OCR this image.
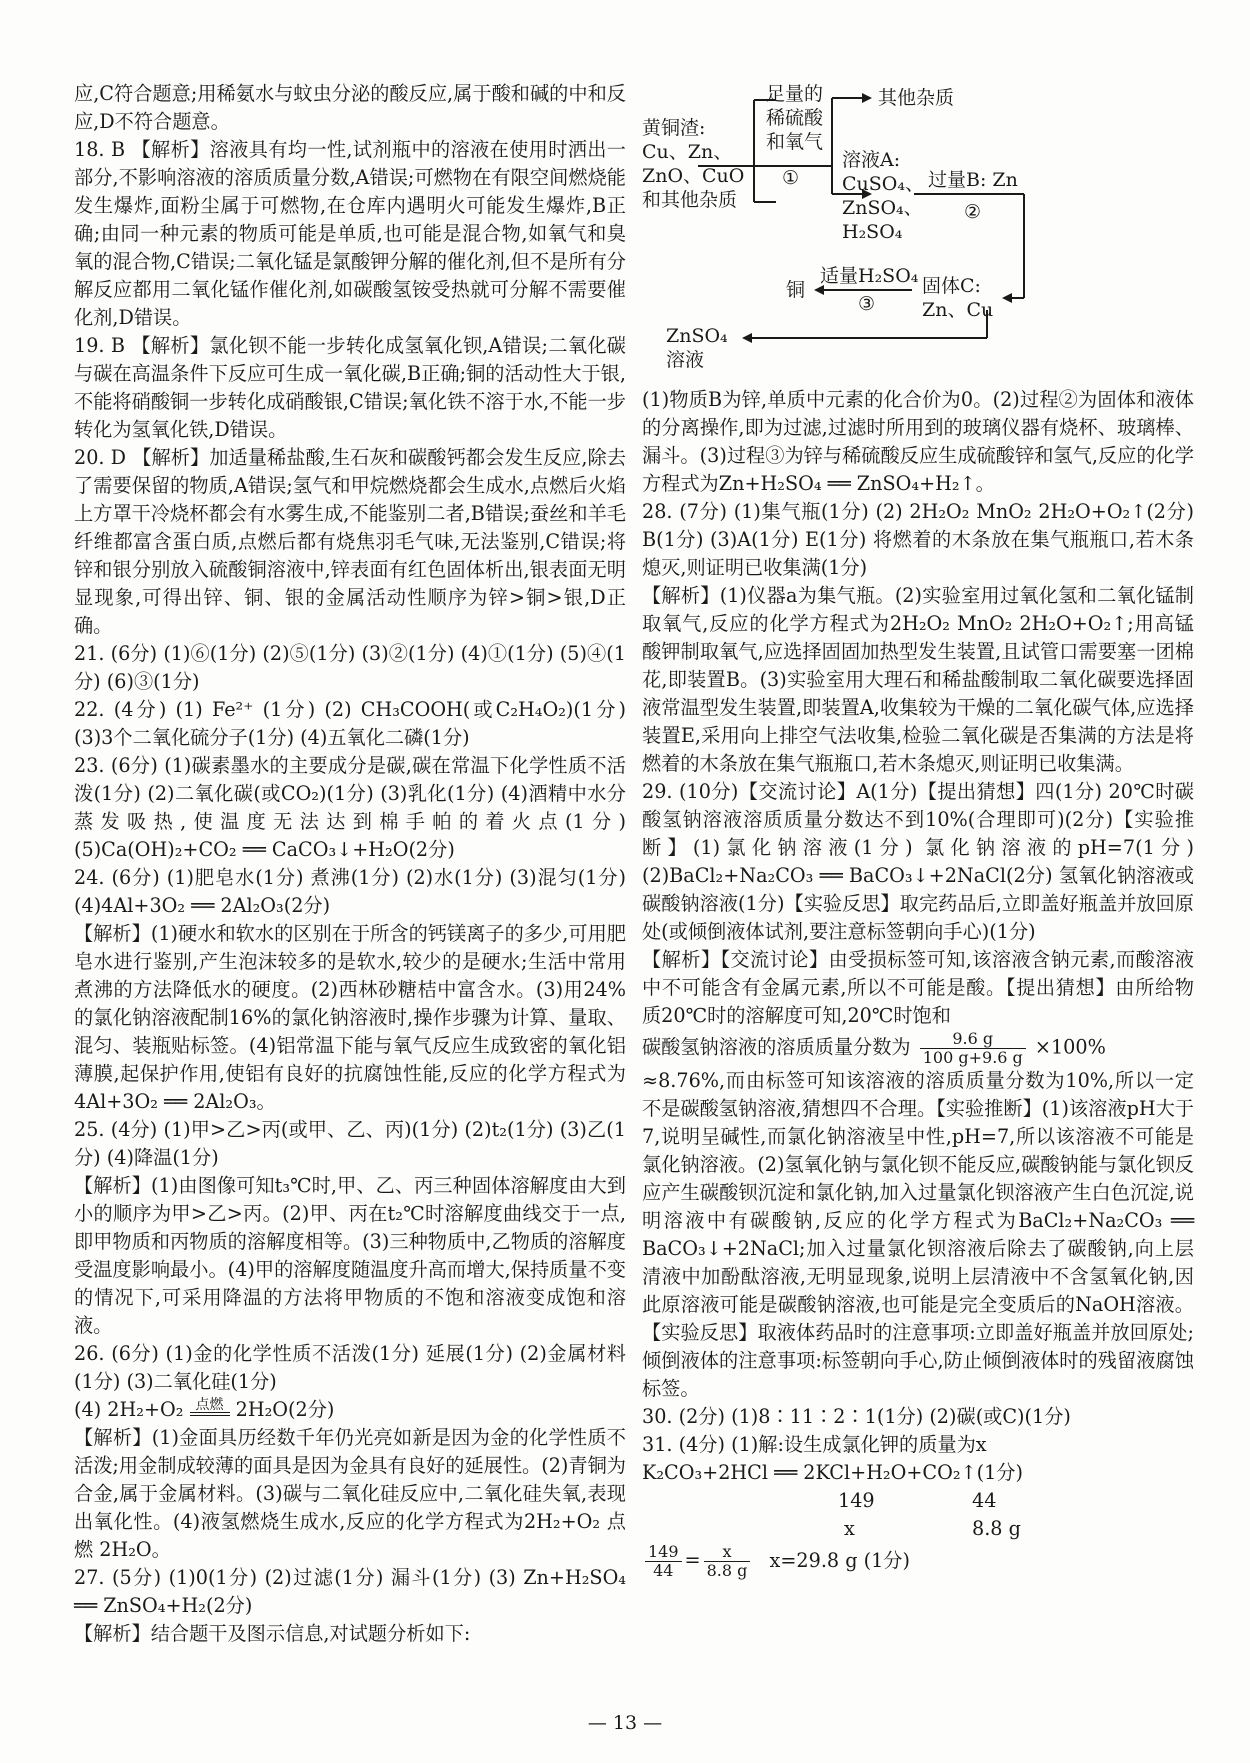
应,C符合题意;用稀氨水与蚊虫分泌的酸反应,属于酸和碱的中和反应,D不符合题意。

18. B 【解析】溶液具有均一性,试剂瓶中的溶液在使用时洒出一部分,不影响溶液的溶质质量分数,A错误;可燃物在有限空间燃烧能发生爆炸,面粉尘属于可燃物,在仓库内遇明火可能发生爆炸,B正确;由同一种元素的物质可能是单质,也可能是混合物,如氧气和臭氧的混合物,C错误;二氧化锰是氯酸钾分解的催化剂,但不是所有分解反应都用二氧化锰作催化剂,如碳酸氢铵受热就可分解不需要催化剂,D错误。

19. B 【解析】氯化钡不能一步转化成氢氧化钡,A错误;二氧化碳与碳在高温条件下反应可生成一氧化碳,B正确;铜的活动性大于银,不能将硝酸铜一步转化成硝酸银,C错误;氧化铁不溶于水,不能一步转化为氢氧化铁,D错误。

20. D 【解析】加适量稀盐酸,生石灰和碳酸钙都会发生反应,除去了需要保留的物质,A错误;氢气和甲烷燃烧都会生成水,点燃后火焰上方罩干冷烧杯都会有水雾生成,不能鉴别二者,B错误;蚕丝和羊毛纤维都富含蛋白质,点燃后都有烧焦羽毛气味,无法鉴别,C错误;将锌和银分别放入硫酸铜溶液中,锌表面有红色固体析出,银表面无明显现象,可得出锌、铜、银的金属活动性顺序为锌>铜>银,D正确。

21. (6分) (1)⑥(1分) (2)⑤(1分) (3)②(1分) (4)①(1分) (5)④(1分) (6)③(1分)

22. (4分) (1) Fe²⁺ (1分) (2) CH₃COOH(或C₂H₄O₂)(1分) (3)3个二氧化硫分子(1分) (4)五氧化二磷(1分)

23. (6分) (1)碳素墨水的主要成分是碳,碳在常温下化学性质不活泼(1分) (2)二氧化碳(或CO₂)(1分) (3)乳化(1分) (4)酒精中水分蒸发吸热,使温度无法达到棉手帕的着火点(1分) (5)Ca(OH)₂+CO₂ ══ CaCO₃↓+H₂O(2分)

24. (6分) (1)肥皂水(1分) 煮沸(1分) (2)水(1分) (3)混匀(1分) (4)4Al+3O₂ ══ 2Al₂O₃(2分)

【解析】(1)硬水和软水的区别在于所含的钙镁离子的多少,可用肥皂水进行鉴别,产生泡沫较多的是软水,较少的是硬水;生活中常用煮沸的方法降低水的硬度。(2)西林砂糖桔中富含水。(3)用24%的氯化钠溶液配制16%的氯化钠溶液时,操作步骤为计算、量取、混匀、装瓶贴标签。(4)铝常温下能与氧气反应生成致密的氧化铝薄膜,起保护作用,使铝有良好的抗腐蚀性能,反应的化学方程式为4Al+3O₂ ══ 2Al₂O₃。

25. (4分) (1)甲>乙>丙(或甲、乙、丙)(1分) (2)t₂(1分) (3)乙(1分) (4)降温(1分)

【解析】(1)由图像可知t₃℃时,甲、乙、丙三种固体溶解度由大到小的顺序为甲>乙>丙。(2)甲、丙在t₂℃时溶解度曲线交于一点,即甲物质和丙物质的溶解度相等。(3)三种物质中,乙物质的溶解度受温度影响最小。(4)甲的溶解度随温度升高而增大,保持质量不变的情况下,可采用降温的方法将甲物质的不饱和溶液变成饱和溶液。

26. (6分) (1)金的化学性质不活泼(1分) 延展(1分) (2)金属材料(1分) (3)二氧化硅(1分)

(4) 2H₂+O₂ 点燃 2H₂O(2分)

【解析】(1)金面具历经数千年仍光亮如新是因为金的化学性质不活泼;用金制成较薄的面具是因为金具有良好的延展性。(2)青铜为合金,属于金属材料。(3)碳与二氧化硅反应中,二氧化硅失氧,表现出氧化性。(4)液氢燃烧生成水,反应的化学方程式为2H₂+O₂ 点燃 2H₂O。

27. (5分) (1)0(1分) (2)过滤(1分) 漏斗(1分) (3) Zn+H₂SO₄ ══ ZnSO₄+H₂(2分)

【解析】结合题干及图示信息,对试题分析如下:

黄铜渣:
Cu、Zn、
ZnO、CuO
和其他杂质
足量的
稀硫酸
和氧气
①
其他杂质
溶液A:
CuSO₄、
ZnSO₄、
H₂SO₄
过量B: Zn
②
固体C:
Zn、Cu
适量H₂SO₄
③
铜
ZnSO₄
溶液

(1)物质B为锌,单质中元素的化合价为0。(2)过程②为固体和液体的分离操作,即为过滤,过滤时所用到的玻璃仪器有烧杯、玻璃棒、漏斗。(3)过程③为锌与稀硫酸反应生成硫酸锌和氢气,反应的化学方程式为Zn+H₂SO₄ ══ ZnSO₄+H₂↑。

28. (7分) (1)集气瓶(1分) (2) 2H₂O₂ MnO₂ 2H₂O+O₂↑(2分) B(1分) (3)A(1分) E(1分) 将燃着的木条放在集气瓶瓶口,若木条熄灭,则证明已收集满(1分)

【解析】(1)仪器a为集气瓶。(2)实验室用过氧化氢和二氧化锰制取氧气,反应的化学方程式为2H₂O₂ MnO₂ 2H₂O+O₂↑;用高锰酸钾制取氧气,应选择固固加热型发生装置,且试管口需要塞一团棉花,即装置B。(3)实验室用大理石和稀盐酸制取二氧化碳要选择固液常温型发生装置,即装置A,收集较为干燥的二氧化碳气体,应选择装置E,采用向上排空气法收集,检验二氧化碳是否集满的方法是将燃着的木条放在集气瓶瓶口,若木条熄灭,则证明已收集满。

29. (10分)【交流讨论】A(1分)【提出猜想】四(1分) 20℃时碳酸氢钠溶液溶质质量分数达不到10%(合理即可)(2分)【实验推断】(1)氯化钠溶液(1分) 氯化钠溶液的pH=7(1分) (2)BaCl₂+Na₂CO₃ ══ BaCO₃↓+2NaCl(2分) 氢氧化钠溶液或碳酸钠溶液(1分)【实验反思】取完药品后,立即盖好瓶盖并放回原处(或倾倒液体试剂,要注意标签朝向手心)(1分)

【解析】【交流讨论】由受损标签可知,该溶液含钠元素,而酸溶液中不可能含有金属元素,所以不可能是酸。【提出猜想】由所给物质20℃时的溶解度可知,20℃时饱和

碳酸氢钠溶液的溶质质量分数为 $\frac{9.6 g}{100 g+9.6 g} \times 100\%$

≈8.76%,而由标签可知该溶液的溶质质量分数为10%,所以一定不是碳酸氢钠溶液,猜想四不合理。【实验推断】(1)该溶液pH大于7,说明呈碱性,而氯化钠溶液呈中性,pH=7,所以该溶液不可能是氯化钠溶液。(2)氢氧化钠与氯化钡不能反应,碳酸钠能与氯化钡反应产生碳酸钡沉淀和氯化钠,加入过量氯化钡溶液产生白色沉淀,说明溶液中有碳酸钠,反应的化学方程式为BaCl₂+Na₂CO₃ ══ BaCO₃↓+2NaCl;加入过量氯化钡溶液后除去了碳酸钠,向上层清液中加酚酞溶液,无明显现象,说明上层清液中不含氢氧化钠,因此原溶液可能是碳酸钠溶液,也可能是完全变质后的NaOH溶液。【实验反思】取液体药品时的注意事项:立即盖好瓶盖并放回原处;倾倒液体的注意事项:标签朝向手心,防止倾倒液体时的残留液腐蚀标签。

30. (2分) (1)8∶11∶2∶1(1分) (2)碳(或C)(1分)

31. (4分) (1)解:设生成氯化钾的质量为x

K₂CO₃+2HCl ══ 2KCl+H₂O+CO₂↑(1分)

149	44
x	8.8 g

$\frac{149}{44} = \frac{x}{8.8 g} x=29.8$ g (1分)

— 13 —
